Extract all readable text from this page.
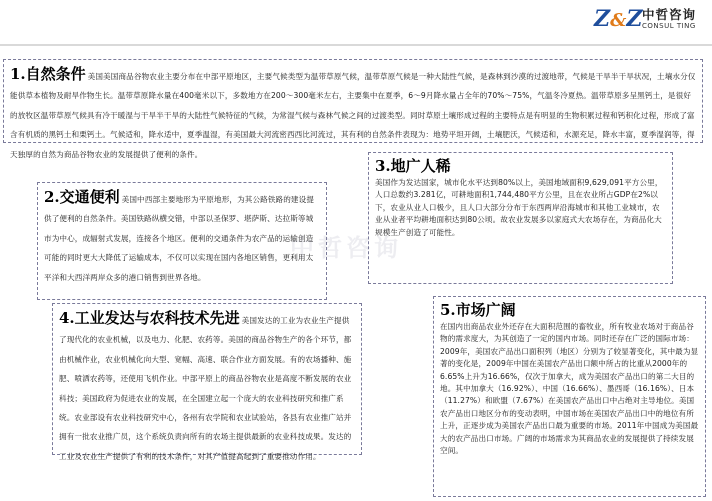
Z&Z 中哲咨询
CONSUL TING
1.自然条件 美国美国商品谷物农业主要分布在中部平原地区，主要气候类型为温带草原气候，温带草原气候是一种大陆性气候，是森林到沙漠的过渡地带，气候是干旱半干旱状况，土壤水分仅能供草本植物及耐旱作物生长。温带草原降水量在400毫米以下，多数地方在200～300毫米左右，主要集中在夏季，6～9月降水量占全年的70%～75%，气温冬冷夏热。温带草原多呈黑钙土，是很好的放牧区温带草原气候具有冷干暖湿与干旱半干旱的大陆性气候特征的气候，为常湿气候与森林气候之间的过渡类型。同时草原土壤形成过程的主要特点是有明显的生物积累过程和钙积化过程，形成了富含有机质的黑钙土和栗钙土。气候适和，降水适中，夏季温湿，有美国最大河流密西西比河流过，其有利的自然条件表现为：地势平坦开阔，土壤肥沃，气候适和，水源充足，降水丰富，夏季湿润等，得天独厚的自然为商品谷物农业的发展提供了便利的条件。
2.交通便利 美国中西部主要地形为平原地形，为其公路铁路的建设提供了便利的自然条件。美国铁路纵横交错，中部以圣保罗、堪萨斯、达拉斯等城市为中心，成辐射式发展，连接各个地区。便利的交通条件为农产品的运输创造可能的同时更大大降低了运输成本，不仅可以实现在国内各地区销售，更利用太平洋和大西洋两岸众多的港口销售到世界各地。
3.地广人稀
美国作为发达国家，城市化水平达到80%以上，美国地域面积9,629,091平方公里，人口总数约3.281亿，可耕地面积1,744,480平方公里，且在农业所占GDP在2%以下，农业从业人口极少，且人口大部分分布于东西两岸沿海城市和其他工业城市，农业从业者平均耕地面积达到80公顷。故农业发展多以家庭式大农场存在，为商品化大规模生产创造了可能性。
4.工业发达与农科技术先进 美国发达的工业为农业生产提供了现代化的农业机械，以及电力、化肥、农药等。美国的商品谷物生产的各个环节，都由机械作业，农业机械化向大型、宽幅、高速、联合作业方面发展。有的农场播种、施肥、喷洒农药等，还使用飞机作业。中部平原上的商品谷物农业是高度不断发展的农业科技；美国政府为促进农业的发展，在全国建立起一个庞大的农业科技研究和推广系统。农业部设有农业科技研究中心，各州有农学院和农业试验站，各县有农业推广站并拥有一批农业推广员，这个系统负责向所有的农场主提供最新的农业科技成果。发达的工业及农业生产提供了有利的技术条件，对其产值提高起到了重要推动作用。
5.市场广阔
在国内出商品农业外还存在大面积范围的畜牧业，所有牧业农场对于商品谷物的需求度大，为其创造了一定的国内市场。同时还存在广泛的国际市场：2009年，美国农产品出口面积列（地区）分别为了较显著变化，其中最为显著的变化是，2009年中国在美国农产品出口额中所占的比重从2000年的6.65%上升为16.66%，仅次于加拿大，成为美国农产品出口的第二大目的地。其中加拿大（16.92%）、中国（16.66%）、墨西哥（16.16%）、日本（11.27%）和欧盟（7.67%）在美国农产品出口中占绝对主导地位。美国农产品出口地区分布的变动表明，中国市场在美国农产品出口中的地位有所上升，正逐步成为美国农产品出口最为重要的市场。2011年中国成为美国最大的农产品出口市场。广阔的市场需求为其商品农业的发展提供了持续发展空间。
中哲咨询
